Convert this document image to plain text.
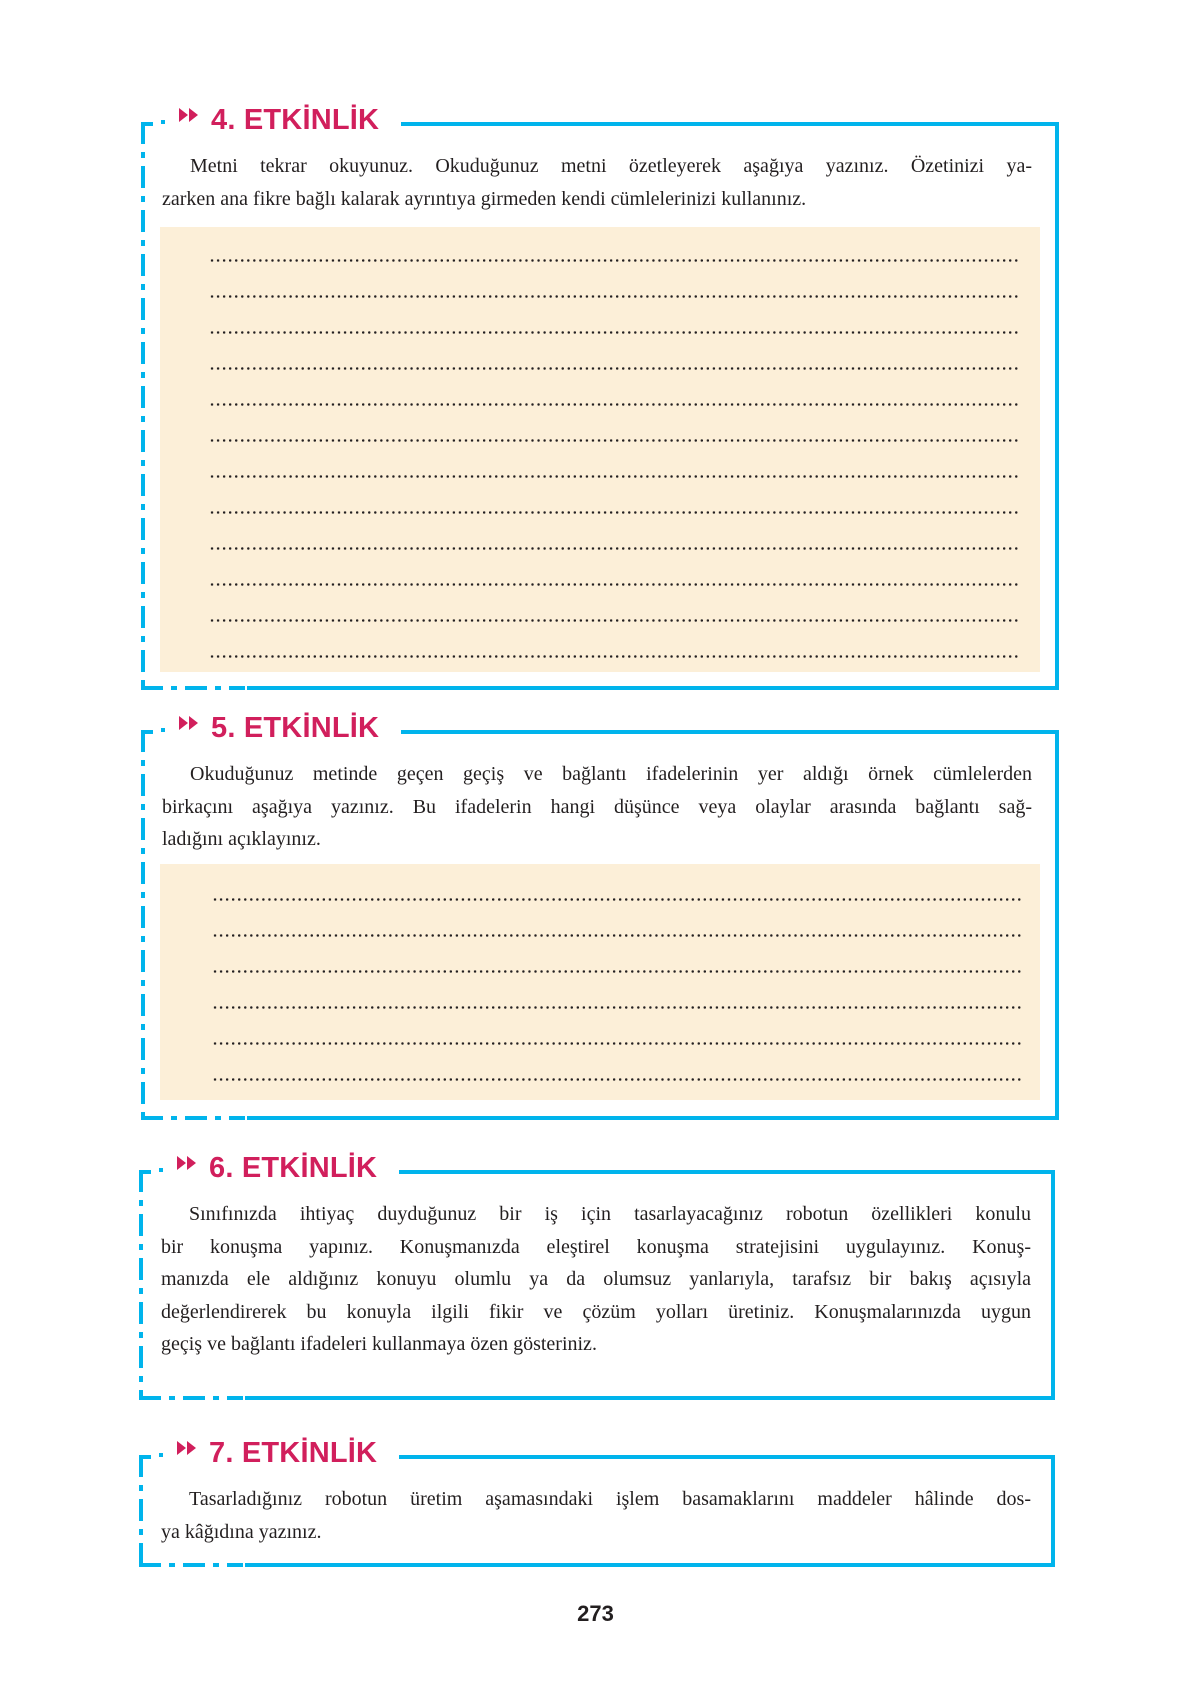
4. ETKİNLİK
Metni tekrar okuyunuz. Okuduğunuz metni özetleyerek aşağıya yazınız. Özetinizi ya-
zarken ana fikre bağlı kalarak ayrıntıya girmeden kendi cümlelerinizi kullanınız.
5. ETKİNLİK
Okuduğunuz metinde geçen geçiş ve bağlantı ifadelerinin yer aldığı örnek cümlelerden
birkaçını aşağıya yazınız. Bu ifadelerin hangi düşünce veya olaylar arasında bağlantı sağ-
ladığını açıklayınız.
6. ETKİNLİK
Sınıfınızda ihtiyaç duyduğunuz bir iş için tasarlayacağınız robotun özellikleri konulu
bir konuşma yapınız. Konuşmanızda eleştirel konuşma stratejisini uygulayınız. Konuş-
manızda ele aldığınız konuyu olumlu ya da olumsuz yanlarıyla, tarafsız bir bakış açısıyla
değerlendirerek bu konuyla ilgili fikir ve çözüm yolları üretiniz. Konuşmalarınızda uygun
geçiş ve bağlantı ifadeleri kullanmaya özen gösteriniz.
7. ETKİNLİK
Tasarladığınız robotun üretim aşamasındaki işlem basamaklarını maddeler hâlinde dos-
ya kâğıdına yazınız.
273
